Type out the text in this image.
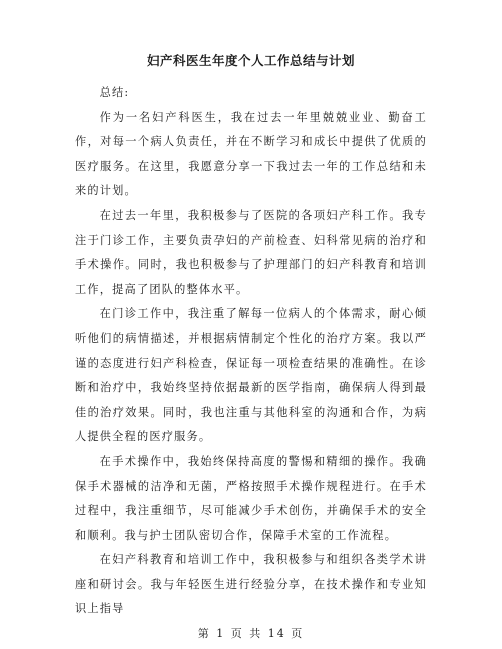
妇产科医生年度个人工作总结与计划

总结:

作为一名妇产科医生，我在过去一年里兢兢业业、勤奋工作，对每一个病人负责任，并在不断学习和成长中提供了优质的医疗服务。在这里，我愿意分享一下我过去一年的工作总结和未来的计划。

在过去一年里，我积极参与了医院的各项妇产科工作。我专注于门诊工作，主要负责孕妇的产前检查、妇科常见病的治疗和手术操作。同时，我也积极参与了护理部门的妇产科教育和培训工作，提高了团队的整体水平。

在门诊工作中，我注重了解每一位病人的个体需求，耐心倾听他们的病情描述，并根据病情制定个性化的治疗方案。我以严谨的态度进行妇产科检查，保证每一项检查结果的准确性。在诊断和治疗中，我始终坚持依据最新的医学指南，确保病人得到最佳的治疗效果。同时，我也注重与其他科室的沟通和合作，为病人提供全程的医疗服务。

在手术操作中，我始终保持高度的警惕和精细的操作。我确保手术器械的洁净和无菌，严格按照手术操作规程进行。在手术过程中，我注重细节，尽可能减少手术创伤，并确保手术的安全和顺利。我与护士团队密切合作，保障手术室的工作流程。

在妇产科教育和培训工作中，我积极参与和组织各类学术讲座和研讨会。我与年轻医生进行经验分享，在技术操作和专业知识上指导

第 1 页 共 14 页
